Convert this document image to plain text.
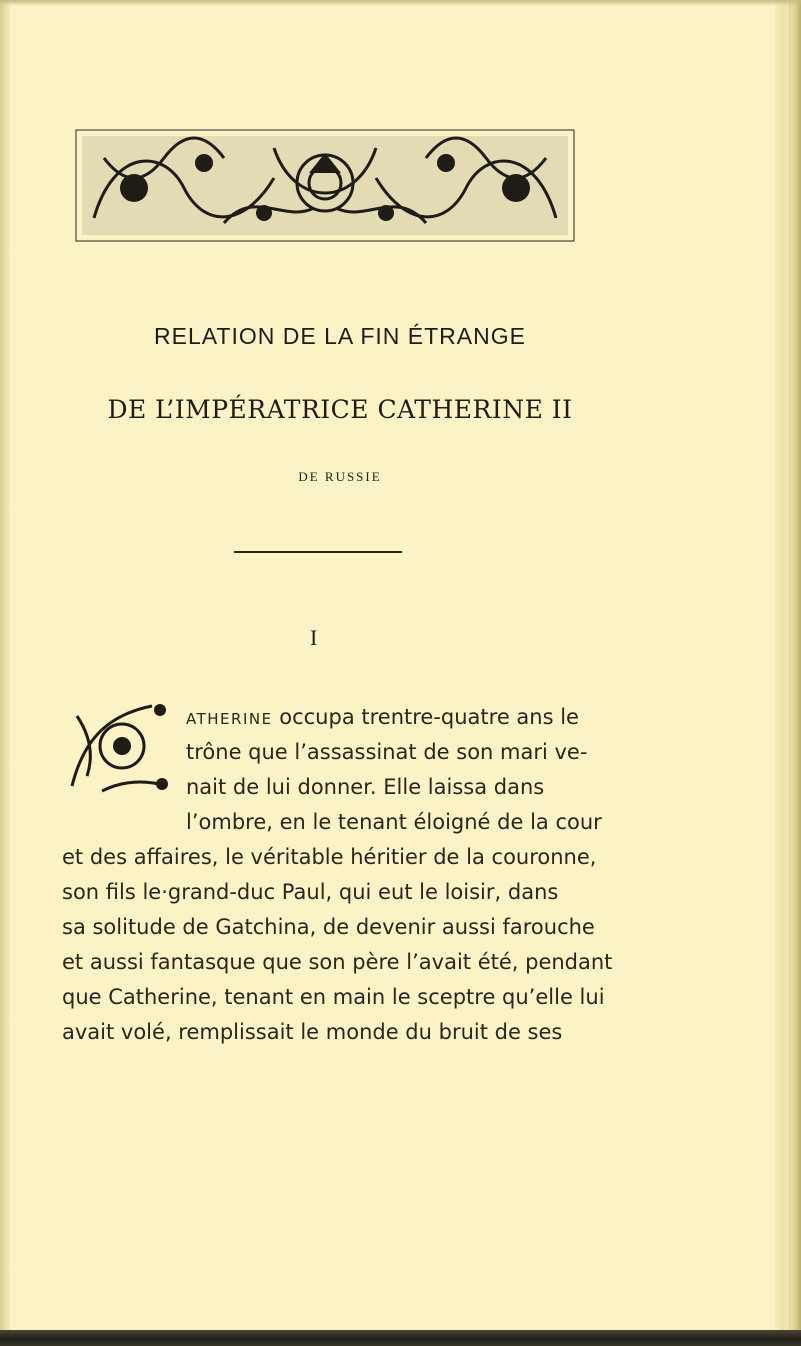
RELATION DE LA FIN ÉTRANGE
DE L’IMPÉRATRICE CATHERINE II
DE RUSSIE
I
C	ATHERINE occupa trentre-quatre ans le
trône que l’assassinat de son mari ve-
nait de lui donner. Elle laissa dans
l’ombre, en le tenant éloigné de la cour
et des affaires, le véritable héritier de la couronne,
son fils le·grand-duc Paul, qui eut le loisir, dans
sa solitude de Gatchina, de devenir aussi farouche
et aussi fantasque que son père l’avait été, pendant
que Catherine, tenant en main le sceptre qu’elle lui
avait volé, remplissait le monde du bruit de ses
